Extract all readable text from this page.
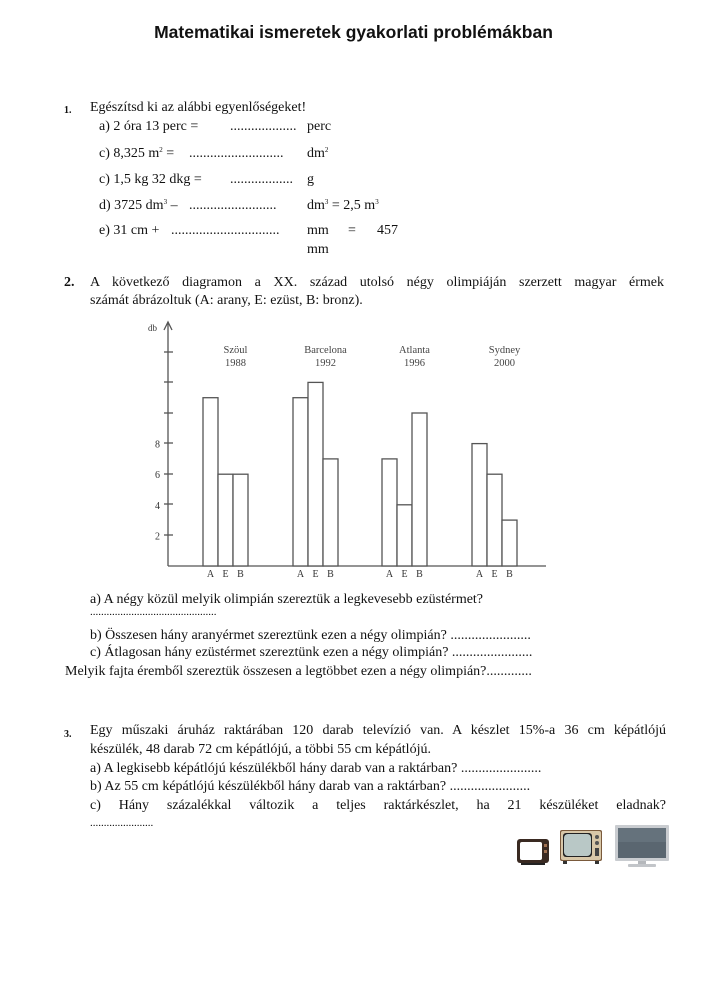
Matematikai ismeretek gyakorlati problémákban
1. Egészítsd ki az alábbi egyenlőségeket!
a) 2 óra 13 perc = ................... perc
c) 8,325 $m^2$ = ........................... $dm^2$
c) 1,5 kg 32 dkg = .................. g
d) 3725 $dm^3$ – ......................... $dm^3 = 2,5$ $m^3$
e) 31 cm + ............................... mm = 457
mm
2. A következő diagramon a XX. század utolsó négy olimpiáján szerzett magyar érmek
számát ábrázoltuk (A: arany, E: ezüst, B: bronz).
2
4
6
8
db
Szöul
1988
Barcelona
1992
Atlanta
1996
Sydney
2000
A E B	A E B	A E B	A E B
a) A négy közül melyik olimpián szereztük a legkevesebb ezüstérmet?
..............................................
b) Összesen hány aranyérmet szereztünk ezen a négy olimpián? .......................
c) Átlagosan hány ezüstérmet szereztünk ezen a négy olimpián? .......................
Melyik fajta éremből szereztük összesen a legtöbbet ezen a négy olimpián?.............
3. Egy műszaki áruház raktárában 120 darab televízió van. A készlet 15%-a 36 cm képátlójú
készülék, 48 darab 72 cm képátlójú, a többi 55 cm képátlójú.
a) A legkisebb képátlójú készülékből hány darab van a raktárban? .......................
b) Az 55 cm képátlójú készülékből hány darab van a raktárban? .......................
c) Hány százalékkal változik a teljes raktárkészlet, ha 21 készüléket eladnak?
.......................
